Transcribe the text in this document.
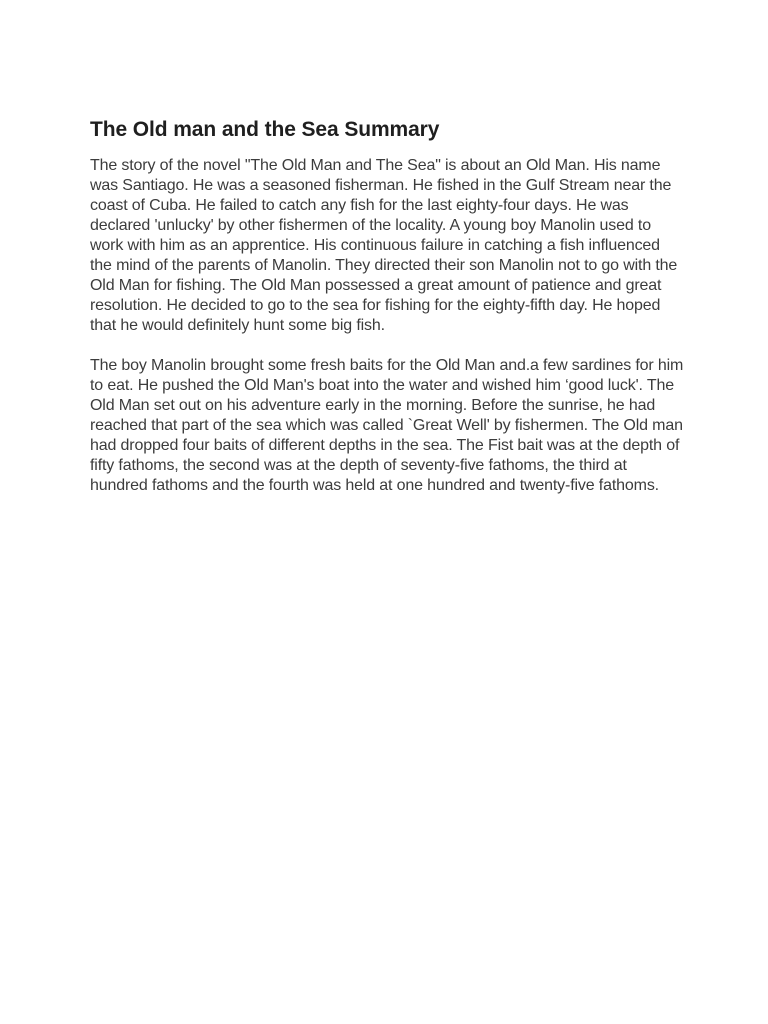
The Old man and the Sea Summary

The story of the novel "The Old Man and The Sea" is about an Old Man. His name was Santiago. He was a seasoned fisherman. He fished in the Gulf Stream near the coast of Cuba. He failed to catch any fish for the last eighty-four days. He was declared 'unlucky' by other fishermen of the locality. A young boy Manolin used to work with him as an apprentice. His continuous failure in catching a fish influenced the mind of the parents of Manolin. They directed their son Manolin not to go with the Old Man for fishing. The Old Man possessed a great amount of patience and great resolution. He decided to go to the sea for fishing for the eighty-fifth day. He hoped that he would definitely hunt some big fish.

The boy Manolin brought some fresh baits for the Old Man and.a few sardines for him to eat. He pushed the Old Man's boat into the water and wished him ‘good luck'. The Old Man set out on his adventure early in the morning. Before the sunrise, he had reached that part of the sea which was called `Great Well' by fishermen. The Old man had dropped four baits of different depths in the sea. The Fist bait was at the depth of fifty fathoms, the second was at the depth of seventy-five fathoms, the third at hundred fathoms and the fourth was held at one hundred and twenty-five fathoms.
